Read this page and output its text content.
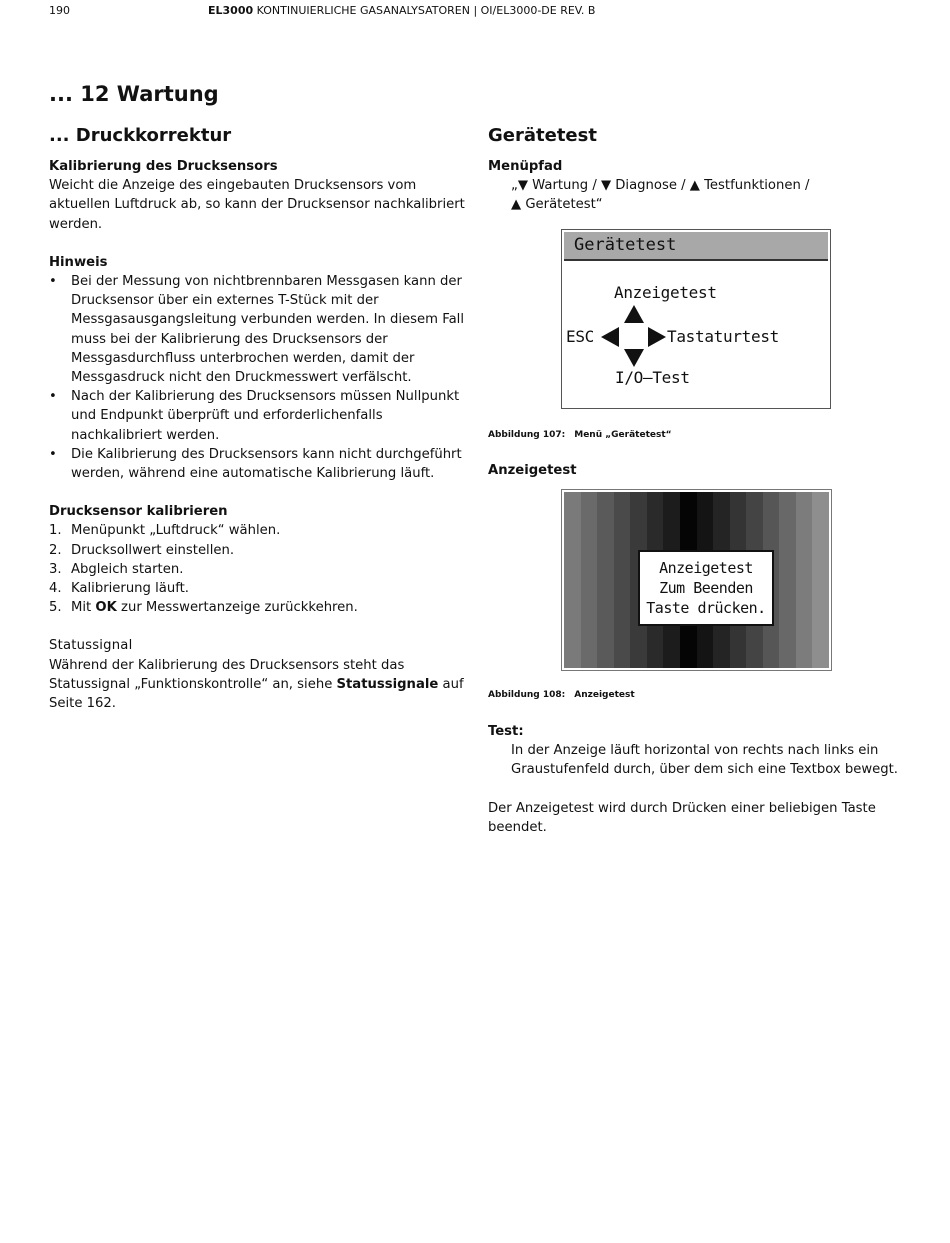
190	EL3000 KONTINUIERLICHE GASANALYSATOREN | OI/EL3000-DE REV. B
... 12 Wartung
... Druckkorrektur
Kalibrierung des Drucksensors

Weicht die Anzeige des eingebauten Drucksensors vom aktuellen Luftdruck ab, so kann der Drucksensor nachkalibriert werden.

Hinweis
• Bei der Messung von nichtbrennbaren Messgasen kann der Drucksensor über ein externes T-Stück mit der Messgasausgangsleitung verbunden werden. In diesem Fall muss bei der Kalibrierung des Drucksensors der Messgasdurchfluss unterbrochen werden, damit der Messgasdruck nicht den Druckmesswert verfälscht.
• Nach der Kalibrierung des Drucksensors müssen Nullpunkt und Endpunkt überprüft und erforderlichenfalls nachkalibriert werden.
• Die Kalibrierung des Drucksensors kann nicht durchgeführt werden, während eine automatische Kalibrierung läuft.
Drucksensor kalibrieren
1. Menüpunkt „Luftdruck“ wählen.
2. Drucksollwert einstellen.
3. Abgleich starten.
4. Kalibrierung läuft.
5. Mit OK zur Messwertanzeige zurückkehren.
Statussignal

Während der Kalibrierung des Drucksensors steht das Statussignal „Funktionskontrolle“ an, siehe Statussignale auf Seite 162.

Gerätetest
Menüpfad
„▼ Wartung / ▼ Diagnose / ▲ Testfunktionen /
▲ Gerätetest“
Gerätetest
Anzeigetest
ESC	Tastaturtest
I/O–Test
Abbildung 107: Menü „Gerätetest“
Anzeigetest
Anzeigetest
Zum Beenden
Taste drücken.
Abbildung 108: Anzeigetest
Test:
In der Anzeige läuft horizontal von rechts nach links ein Graustufenfeld durch, über dem sich eine Textbox bewegt.

Der Anzeigetest wird durch Drücken einer beliebigen Taste beendet.
